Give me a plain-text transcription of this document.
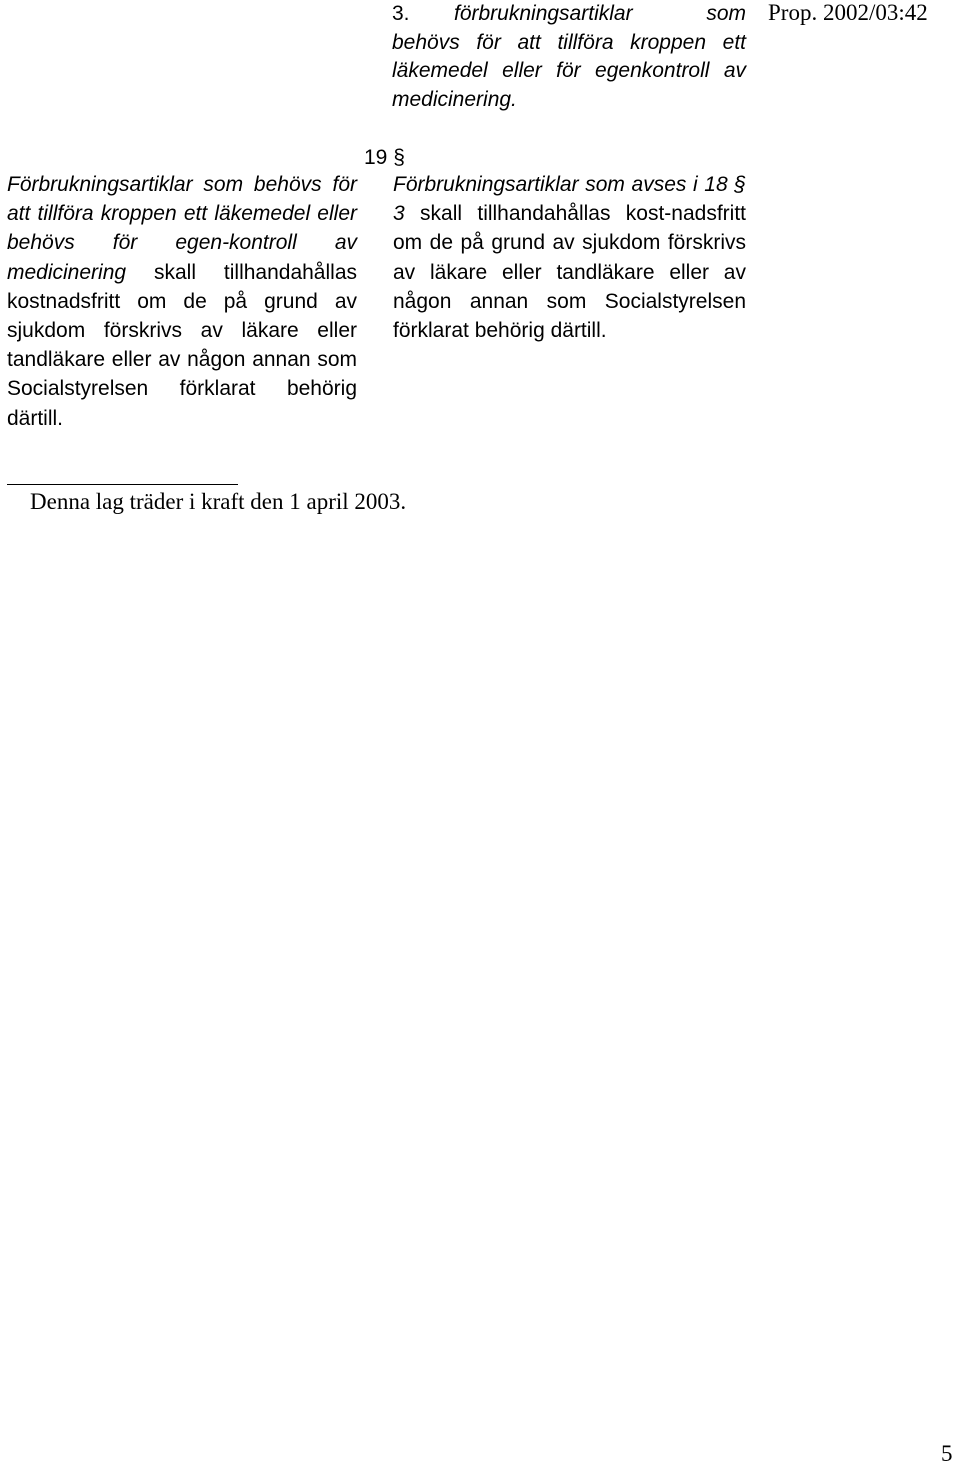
Prop. 2002/03:42
3. förbrukningsartiklar som behövs för att tillföra kroppen ett läkemedel eller för egenkontroll av medicinering.
19 §

Förbrukningsartiklar som behövs för att tillföra kroppen ett läkemedel eller behövs för egen-kontroll av medicinering skall tillhandahållas kostnadsfritt om de på grund av sjukdom förskrivs av läkare eller tandläkare eller av någon annan som Socialstyrelsen förklarat behörig därtill.

Förbrukningsartiklar som avses i 18 § 3 skall tillhandahållas kost-nadsfritt om de på grund av sjukdom förskrivs av läkare eller tandläkare eller av någon annan som Socialstyrelsen förklarat behörig därtill.

Denna lag träder i kraft den 1 april 2003.
5
